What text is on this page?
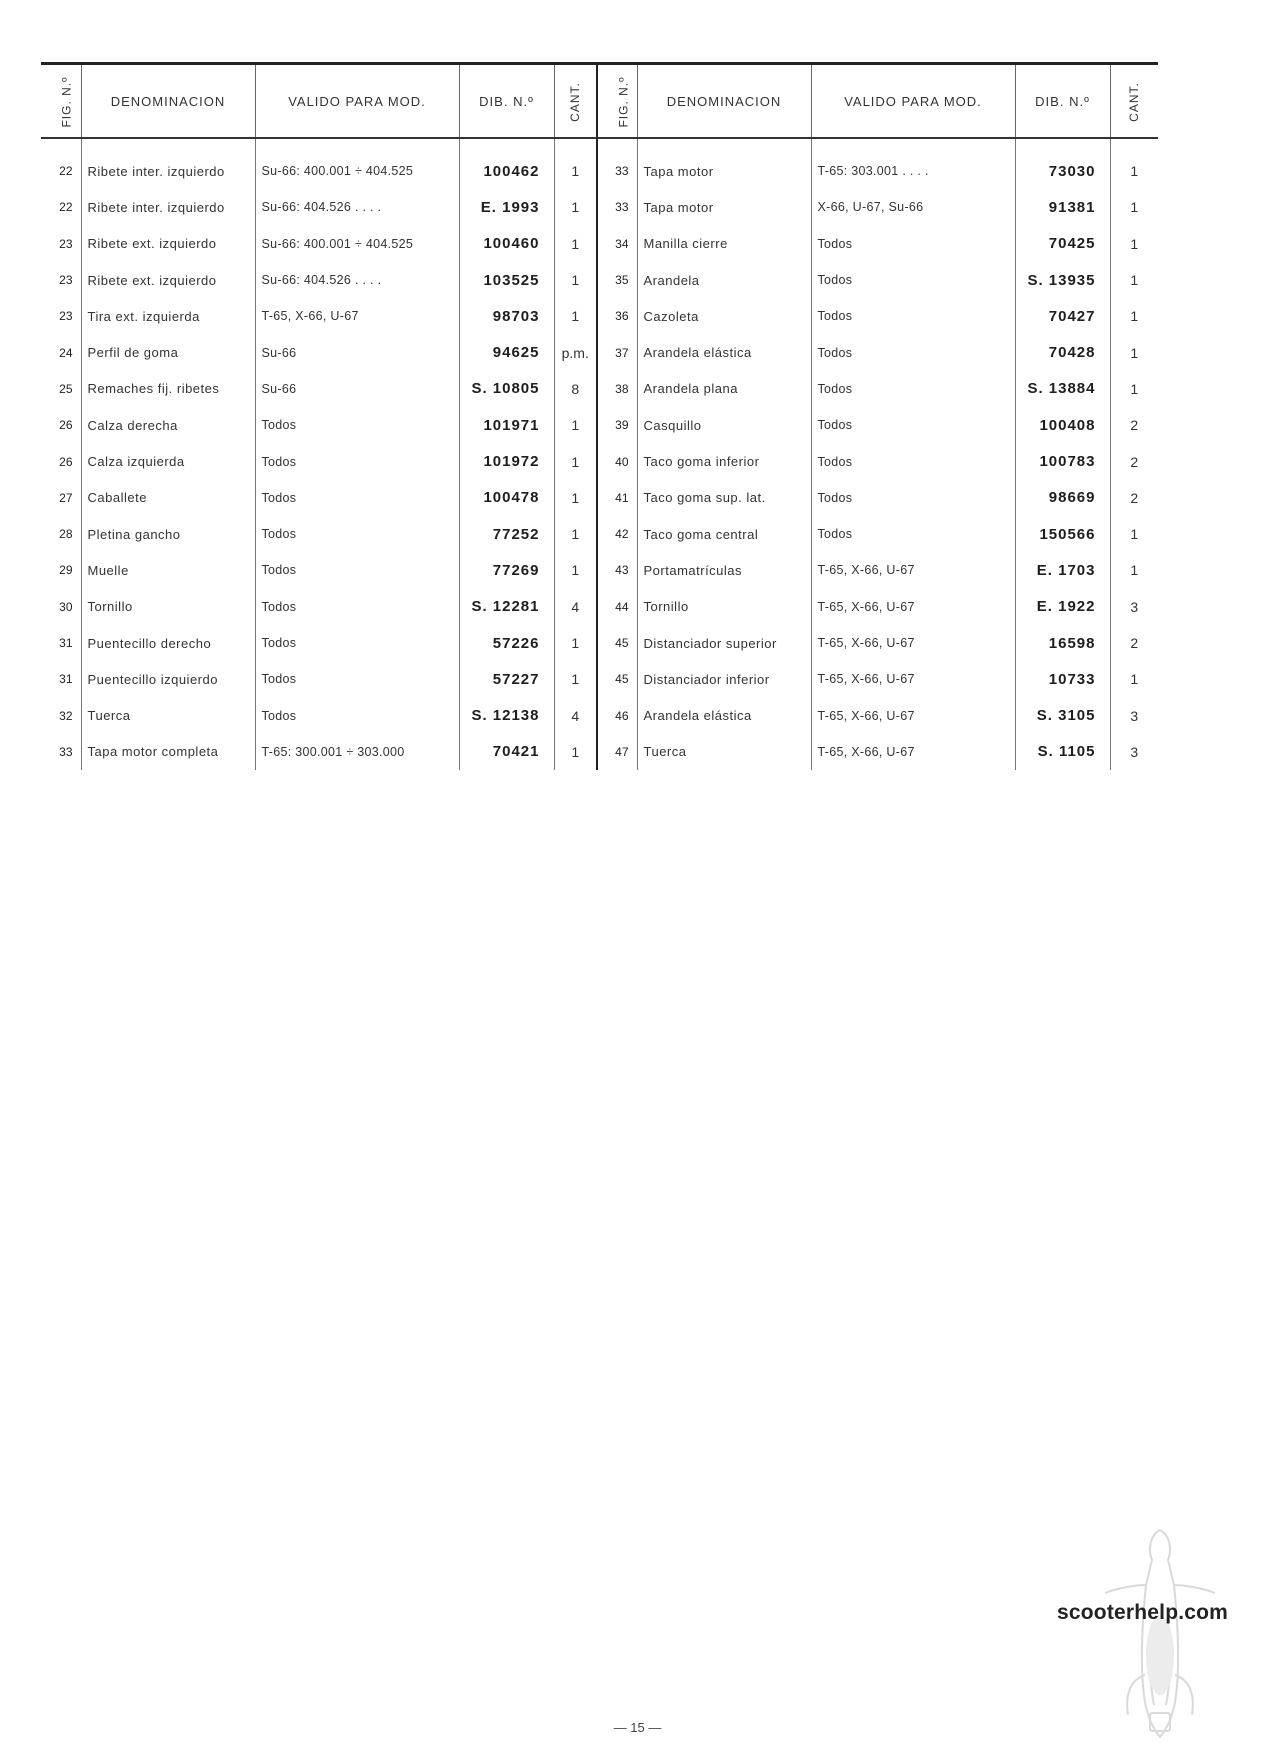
FIG. N.º	DENOMINACION	VALIDO PARA MOD.	DIB. N.º	CANT.	FIG. N.º	DENOMINACION	VALIDO PARA MOD.	DIB. N.º	CANT.

22	Ribete inter. izquierdo	Su-66: 400.001 ÷ 404.525	100462	1	33	Tapa motor	T-65: 303.001 . . . .	73030	1
22	Ribete inter. izquierdo	Su-66: 404.526 . . . .	E. 1993	1	33	Tapa motor	X-66, U-67, Su-66	91381	1
23	Ribete ext. izquierdo	Su-66: 400.001 ÷ 404.525	100460	1	34	Manilla cierre	Todos	70425	1
23	Ribete ext. izquierdo	Su-66: 404.526 . . . .	103525	1	35	Arandela	Todos	S. 13935	1
23	Tira ext. izquierda	T-65, X-66, U-67	98703	1	36	Cazoleta	Todos	70427	1
24	Perfil de goma	Su-66	94625	p.m.	37	Arandela elástica	Todos	70428	1
25	Remaches fij. ribetes	Su-66	S. 10805	8	38	Arandela plana	Todos	S. 13884	1
26	Calza derecha	Todos	101971	1	39	Casquillo	Todos	100408	2
26	Calza izquierda	Todos	101972	1	40	Taco goma inferior	Todos	100783	2
27	Caballete	Todos	100478	1	41	Taco goma sup. lat.	Todos	98669	2
28	Pletina gancho	Todos	77252	1	42	Taco goma central	Todos	150566	1
29	Muelle	Todos	77269	1	43	Portamatrículas	T-65, X-66, U-67	E. 1703	1
30	Tornillo	Todos	S. 12281	4	44	Tornillo	T-65, X-66, U-67	E. 1922	3
31	Puentecillo derecho	Todos	57226	1	45	Distanciador superior	T-65, X-66, U-67	16598	2
31	Puentecillo izquierdo	Todos	57227	1	45	Distanciador inferior	T-65, X-66, U-67	10733	1
32	Tuerca	Todos	S. 12138	4	46	Arandela elástica	T-65, X-66, U-67	S. 3105	3
33	Tapa motor completa	T-65: 300.001 ÷ 303.000	70421	1	47	Tuerca	T-65, X-66, U-67	S. 1105	3
— 15 —
scooterhelp.com
